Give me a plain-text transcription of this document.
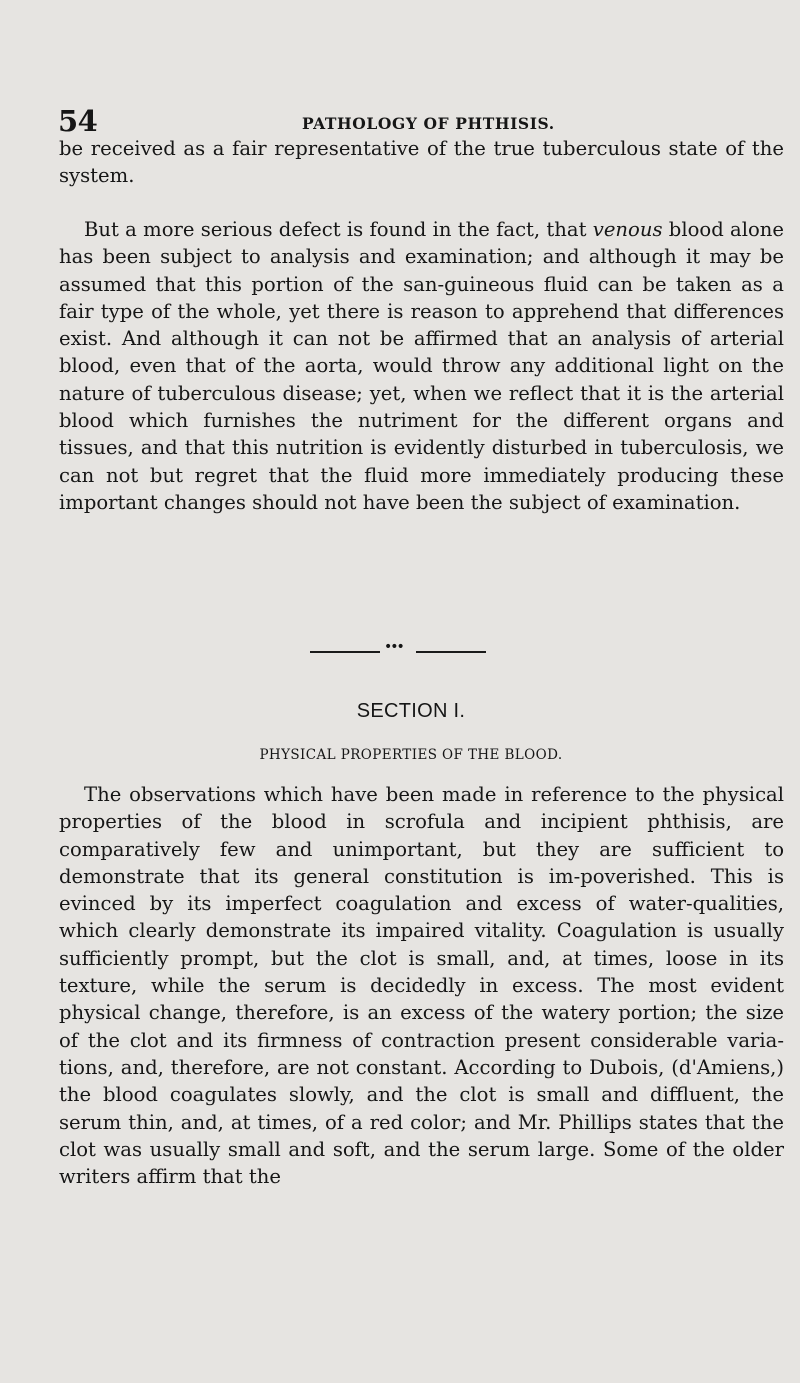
54	PATHOLOGY OF PHTHISIS.

be received as a fair representative of the true tuberculous state of the system.

But a more serious defect is found in the fact, that venous blood alone has been subject to analysis and examination; and although it may be assumed that this portion of the san-guineous fluid can be taken as a fair type of the whole, yet there is reason to apprehend that differences exist. And although it can not be affirmed that an analysis of arterial blood, even that of the aorta, would throw any additional light on the nature of tuberculous disease; yet, when we reflect that it is the arterial blood which furnishes the nutriment for the different organs and tissues, and that this nutrition is evidently disturbed in tuberculosis, we can not but regret that the fluid more immediately producing these important changes should not have been the subject of examination.

•••
SECTION I.
PHYSICAL PROPERTIES OF THE BLOOD.

The observations which have been made in reference to the physical properties of the blood in scrofula and incipient phthisis, are comparatively few and unimportant, but they are sufficient to demonstrate that its general constitution is im-poverished. This is evinced by its imperfect coagulation and excess of water-qualities, which clearly demonstrate its impaired vitality. Coagulation is usually sufficiently prompt, but the clot is small, and, at times, loose in its texture, while the serum is decidedly in excess. The most evident physical change, therefore, is an excess of the watery portion; the size of the clot and its firmness of contraction present considerable varia-tions, and, therefore, are not constant. According to Dubois, (d'Amiens,) the blood coagulates slowly, and the clot is small and diffluent, the serum thin, and, at times, of a red color; and Mr. Phillips states that the clot was usually small and soft, and the serum large. Some of the older writers affirm that the
